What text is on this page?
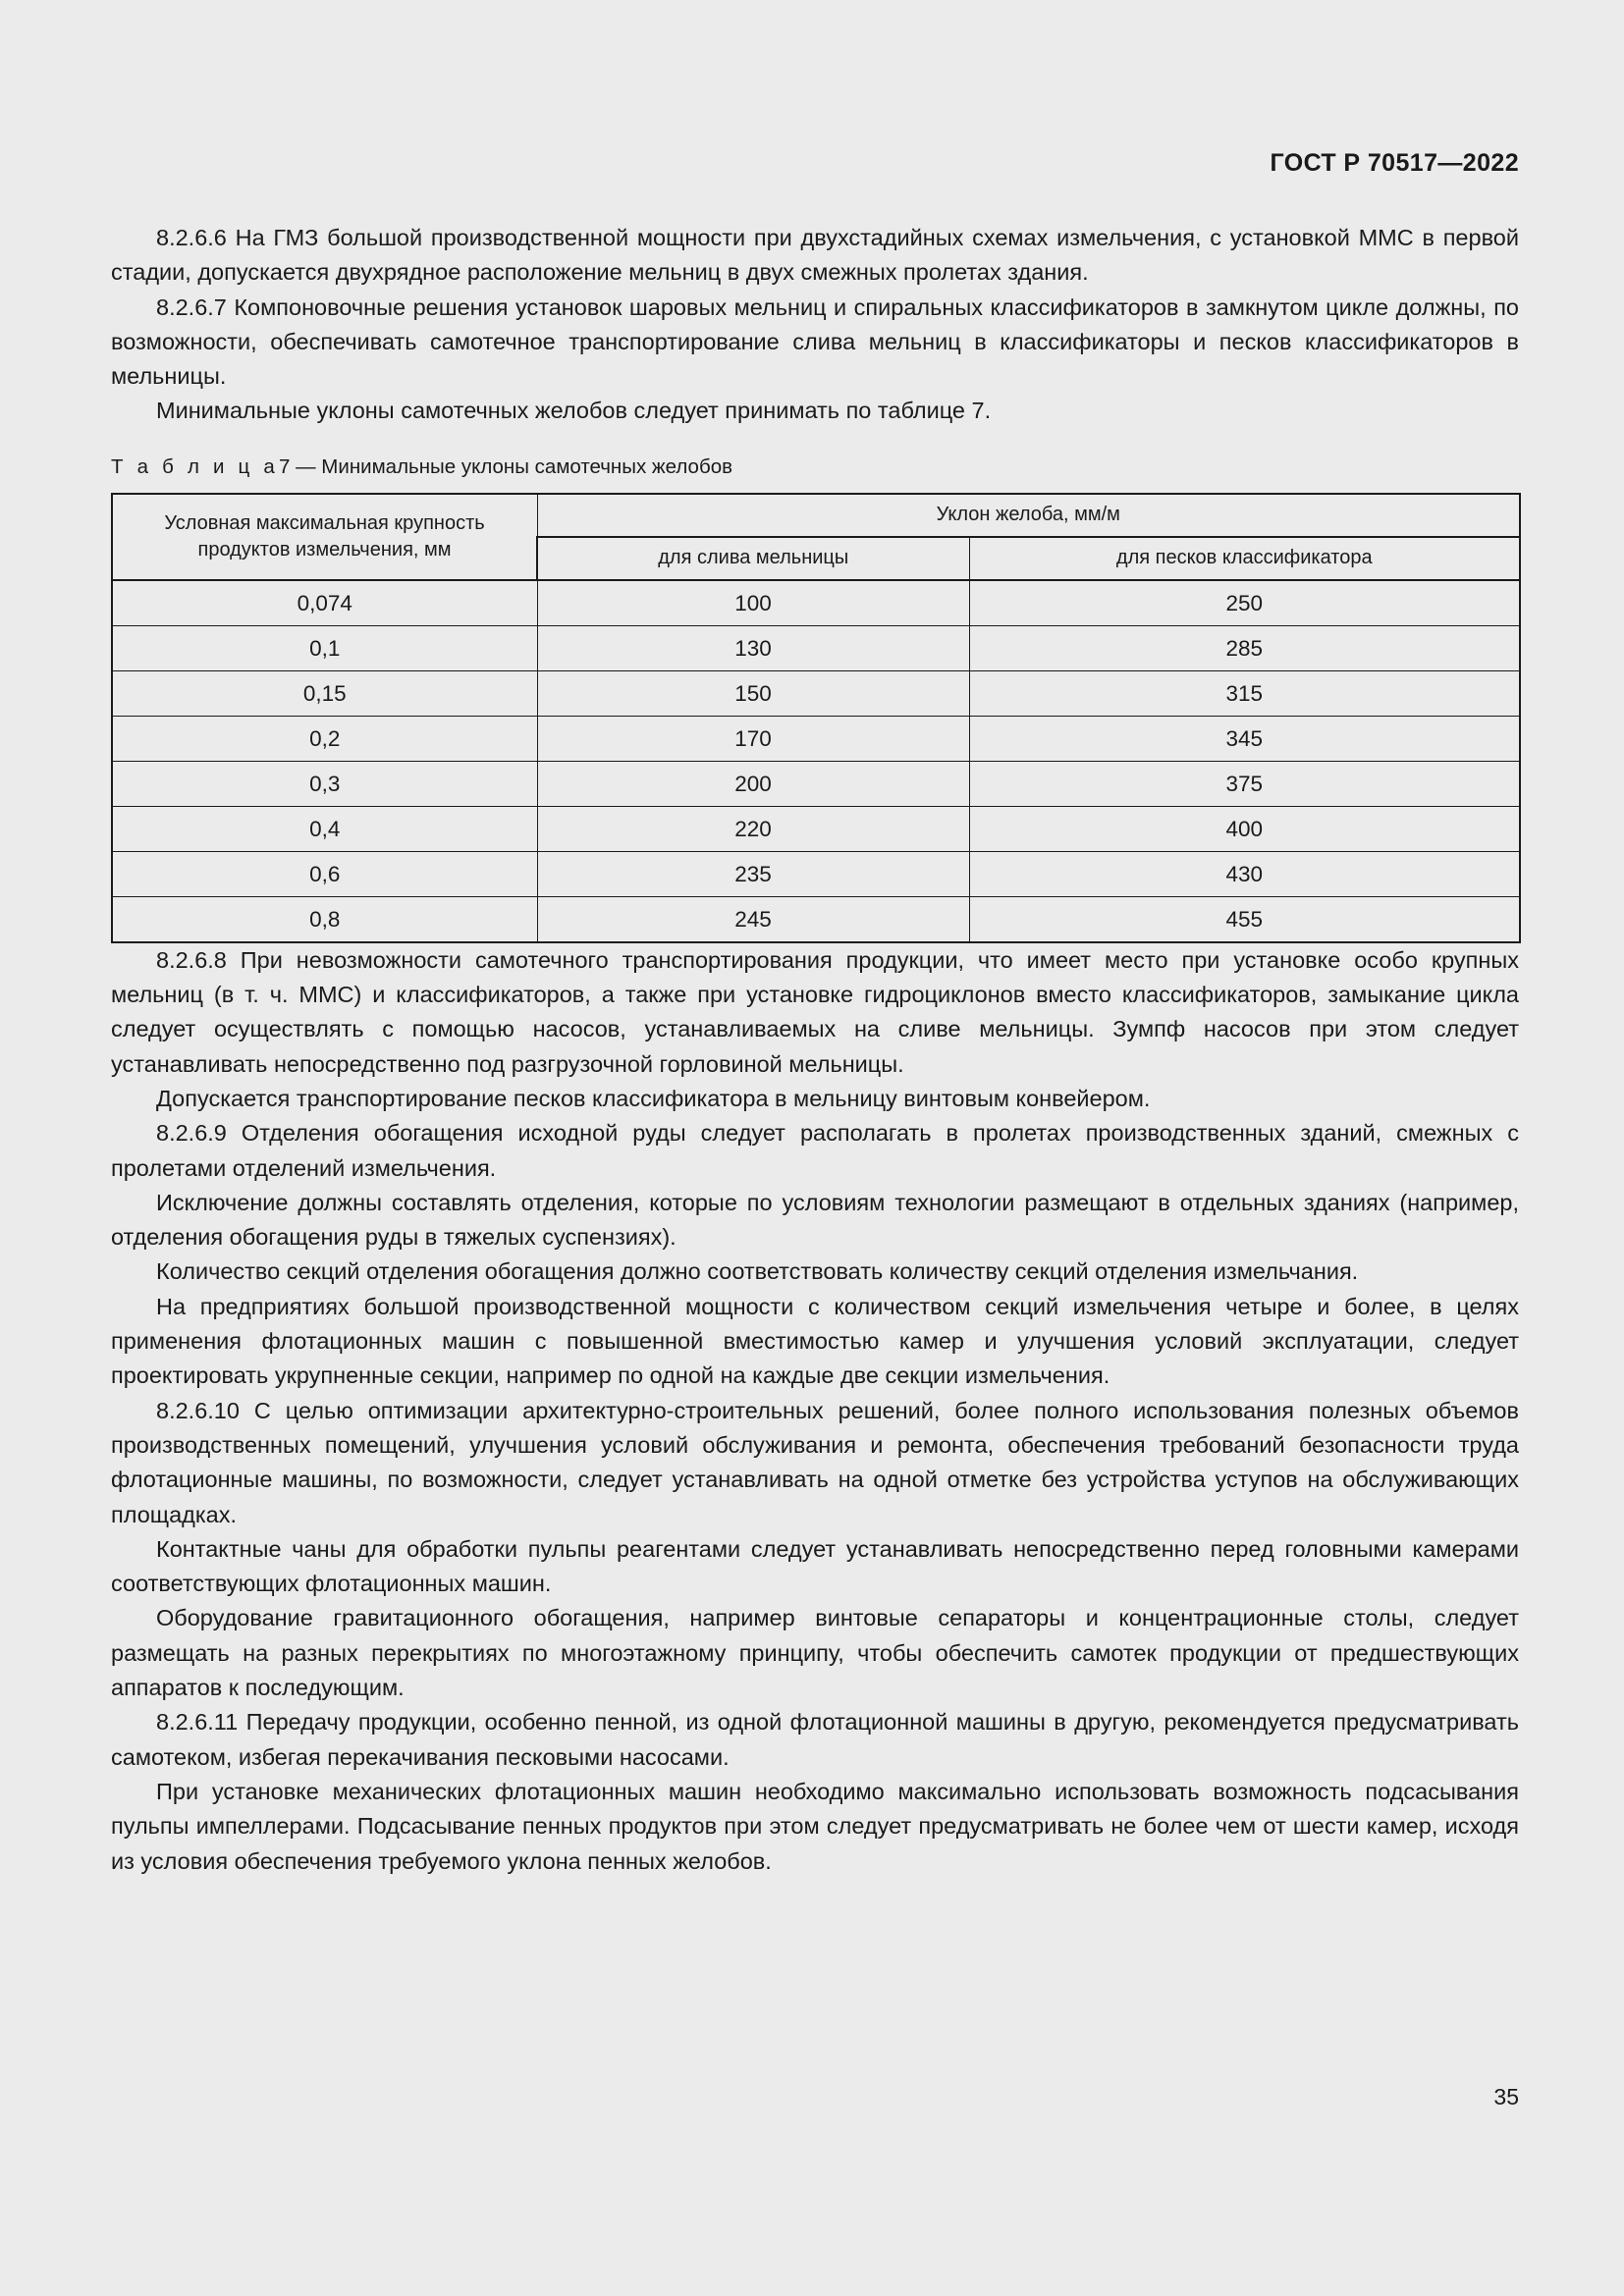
ГОСТ Р 70517—2022

8.2.6.6 На ГМЗ большой производственной мощности при двухстадийных схемах измельчения, с установкой ММС в первой стадии, допускается двухрядное расположение мельниц в двух смежных пролетах здания.

8.2.6.7 Компоновочные решения установок шаровых мельниц и спиральных классификаторов в замкнутом цикле должны, по возможности, обеспечивать самотечное транспортирование слива мельниц в классификаторы и песков классификаторов в мельницы.

Минимальные уклоны самотечных желобов следует принимать по таблице 7.

Т а б л и ц а7 — Минимальные уклоны самотечных желобов
Условная максимальная крупность продуктов измельчения, мм	Уклон желоба, мм/м	
	для слива мельницы	для песков классификатора
0,074	100	250
0,1	130	285
0,15	150	315
0,2	170	345
0,3	200	375
0,4	220	400
0,6	235	430
0,8	245	455

8.2.6.8 При невозможности самотечного транспортирования продукции, что имеет место при установке особо крупных мельниц (в т. ч. ММС) и классификаторов, а также при установке гидроциклонов вместо классификаторов, замыкание цикла следует осуществлять с помощью насосов, устанавливаемых на сливе мельницы. Зумпф насосов при этом следует устанавливать непосредственно под разгрузочной горловиной мельницы.

Допускается транспортирование песков классификатора в мельницу винтовым конвейером.

8.2.6.9 Отделения обогащения исходной руды следует располагать в пролетах производственных зданий, смежных с пролетами отделений измельчения.

Исключение должны составлять отделения, которые по условиям технологии размещают в отдельных зданиях (например, отделения обогащения руды в тяжелых суспензиях).

Количество секций отделения обогащения должно соответствовать количеству секций отделения измельчания.

На предприятиях большой производственной мощности с количеством секций измельчения четыре и более, в целях применения флотационных машин с повышенной вместимостью камер и улучшения условий эксплуатации, следует проектировать укрупненные секции, например по одной на каждые две секции измельчения.

8.2.6.10 С целью оптимизации архитектурно-строительных решений, более полного использования полезных объемов производственных помещений, улучшения условий обслуживания и ремонта, обеспечения требований безопасности труда флотационные машины, по возможности, следует устанавливать на одной отметке без устройства уступов на обслуживающих площадках.

Контактные чаны для обработки пульпы реагентами следует устанавливать непосредственно перед головными камерами соответствующих флотационных машин.

Оборудование гравитационного обогащения, например винтовые сепараторы и концентрационные столы, следует размещать на разных перекрытиях по многоэтажному принципу, чтобы обеспечить самотек продукции от предшествующих аппаратов к последующим.

8.2.6.11 Передачу продукции, особенно пенной, из одной флотационной машины в другую, рекомендуется предусматривать самотеком, избегая перекачивания песковыми насосами.

При установке механических флотационных машин необходимо максимально использовать возможность подсасывания пульпы импеллерами. Подсасывание пенных продуктов при этом следует предусматривать не более чем от шести камер, исходя из условия обеспечения требуемого уклона пенных желобов.

35
